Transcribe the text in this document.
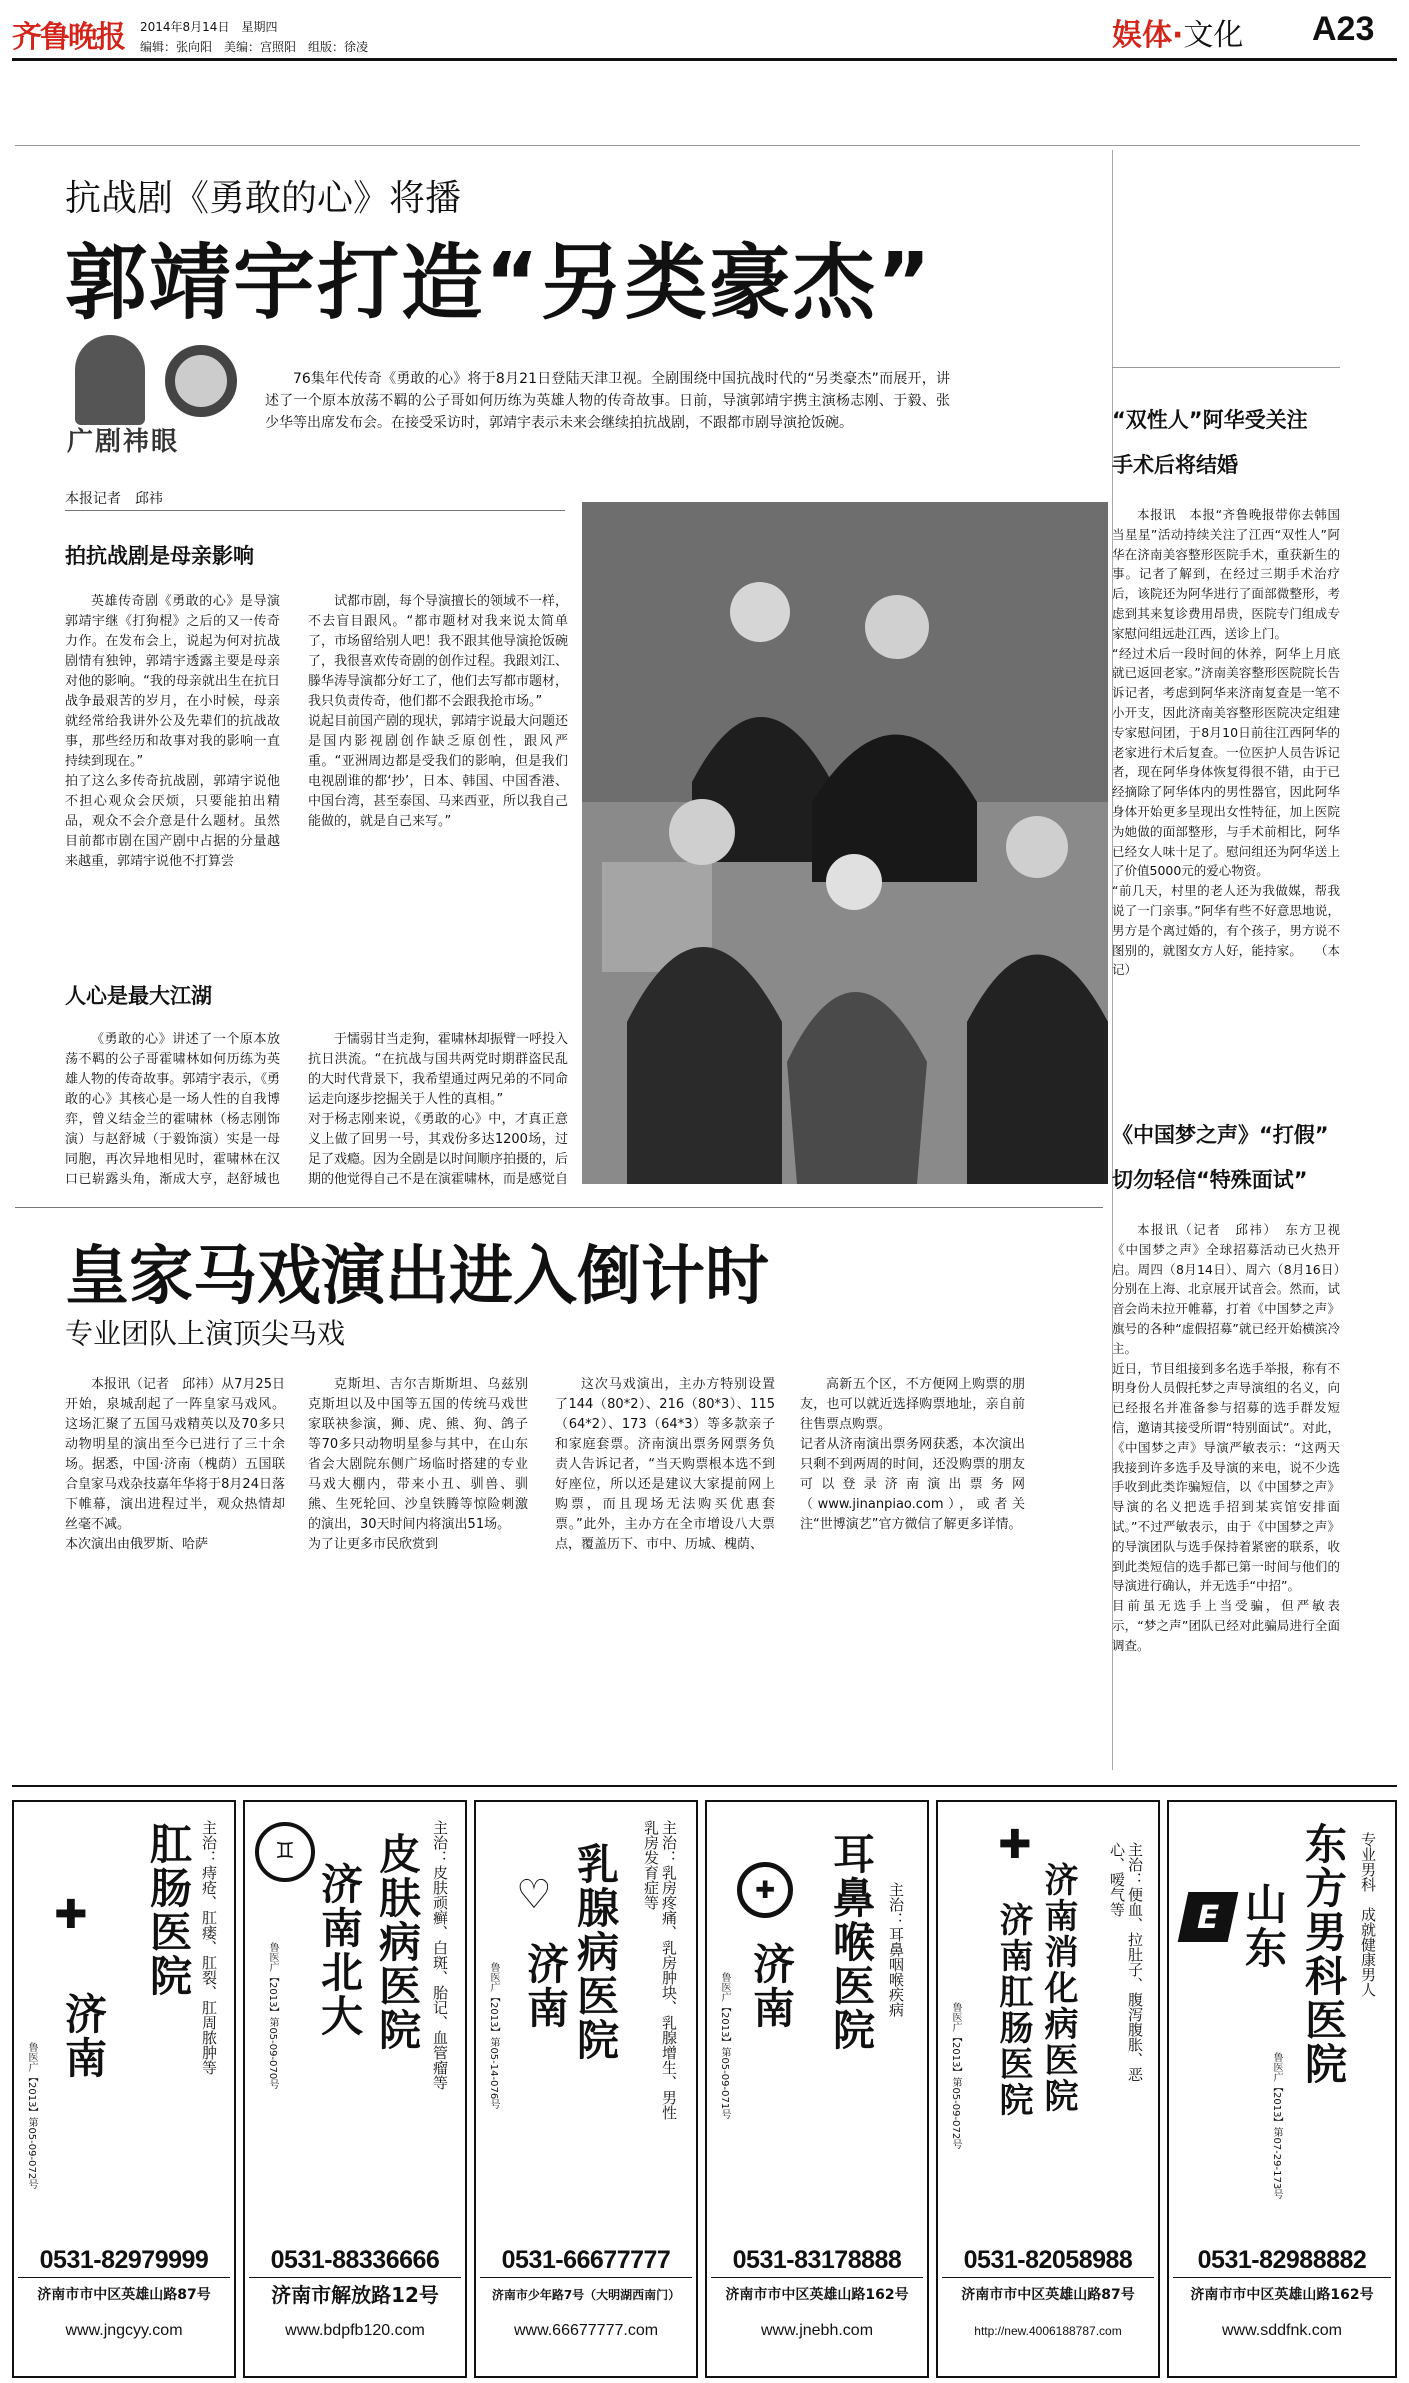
齐鲁晚报 2014年8月14日　星期四
编辑：张向阳　美编：宫照阳　组版：徐凌	娱体·文化 A23
抗战剧《勇敢的心》将播
郭靖宇打造“另类豪杰”
广剧祎眼
76集年代传奇《勇敢的心》将于8月21日登陆天津卫视。全剧围绕中国抗战时代的“另类豪杰”而展开，讲述了一个原本放荡不羁的公子哥如何历练为英雄人物的传奇故事。日前，导演郭靖宇携主演杨志刚、于毅、张少华等出席发布会。在接受采访时，郭靖宇表示未来会继续拍抗战剧，不跟都市剧导演抢饭碗。
本报记者　邱祎
拍抗战剧是母亲影响
英雄传奇剧《勇敢的心》是导演郭靖宇继《打狗棍》之后的又一传奇力作。在发布会上，说起为何对抗战剧情有独钟，郭靖宇透露主要是母亲对他的影响。“我的母亲就出生在抗日战争最艰苦的岁月，在小时候，母亲就经常给我讲外公及先辈们的抗战故事，那些经历和故事对我的影响一直持续到现在。”
拍了这么多传奇抗战剧，郭靖宇说他不担心观众会厌烦，只要能拍出精品，观众不会介意是什么题材。虽然目前都市剧在国产剧中占据的分量越来越重，郭靖宇说他不打算尝
试都市剧，每个导演擅长的领域不一样，不去盲目跟风。“都市题材对我来说太简单了，市场留给别人吧！我不跟其他导演抢饭碗了，我很喜欢传奇剧的创作过程。我跟刘江、滕华涛导演都分好工了，他们去写都市题材，我只负责传奇，他们都不会跟我抢市场。”
说起目前国产剧的现状，郭靖宇说最大问题还是国内影视剧创作缺乏原创性，跟风严重。“亚洲周边都是受我们的影响，但是我们电视剧谁的都‘抄’，日本、韩国、中国香港、中国台湾，甚至泰国、马来西亚，所以我自己能做的，就是自己来写。”
人心是最大江湖
《勇敢的心》讲述了一个原本放荡不羁的公子哥霍啸林如何历练为英雄人物的传奇故事。郭靖宇表示，《勇敢的心》其核心是一场人性的自我博弈，曾义结金兰的霍啸林（杨志刚饰演）与赵舒城（于毅饰演）实是一母同胞，再次异地相见时，霍啸林在汉口已崭露头角，渐成大亨，赵舒城也
于懦弱甘当走狗，霍啸林却振臂一呼投入抗日洪流。“在抗战与国共两党时期群盗民乱的大时代背景下，我希望通过两兄弟的不同命运走向逐步挖掘关于人性的真相。”
对于杨志刚来说，《勇敢的心》中，才真正意义上做了回男一号，其戏份多达1200场，过足了戏瘾。因为全剧是以时间顺序拍摄的，后期的他觉得自己不是在演霍啸林，而是感觉自
皇家马戏演出进入倒计时
专业团队上演顶尖马戏
本报讯（记者　邱祎）从7月25日开始，泉城刮起了一阵皇家马戏风。这场汇聚了五国马戏精英以及70多只动物明星的演出至今已进行了三十余场。据悉，中国·济南（槐荫）五国联合皇家马戏杂技嘉年华将于8月24日落下帷幕，演出进程过半，观众热情却丝毫不减。
本次演出由俄罗斯、哈萨
克斯坦、吉尔吉斯斯坦、乌兹别克斯坦以及中国等五国的传统马戏世家联袂参演，狮、虎、熊、狗、鸽子等70多只动物明星参与其中，在山东省会大剧院东侧广场临时搭建的专业马戏大棚内，带来小丑、驯兽、驯熊、生死轮回、沙皇铁腾等惊险刺激的演出，30天时间内将演出51场。
为了让更多市民欣赏到
这次马戏演出，主办方特别设置了144（80*2）、216（80*3）、115（64*2）、173（64*3）等多款亲子和家庭套票。济南演出票务网票务负责人告诉记者，“当天购票根本选不到好座位，所以还是建议大家提前网上购票，而且现场无法购买优惠套票。”此外，主办方在全市增设八大票点，覆盖历下、市中、历城、槐荫、
高新五个区，不方便网上购票的朋友，也可以就近选择购票地址，亲自前往售票点购票。
记者从济南演出票务网获悉，本次演出只剩不到两周的时间，还没购票的朋友可以登录济南演出票务网（www.jinanpiao.com），或者关注“世博演艺”官方微信了解更多详情。
“双性人”阿华受关注
手术后将结婚
本报讯　本报“齐鲁晚报带你去韩国当星星”活动持续关注了江西“双性人”阿华在济南美容整形医院手术，重获新生的事。记者了解到，在经过三期手术治疗后，该院还为阿华进行了面部微整形，考虑到其来复诊费用昂贵，医院专门组成专家慰问组远赴江西，送诊上门。
“经过术后一段时间的休养，阿华上月底就已返回老家。”济南美容整形医院院长告诉记者，考虑到阿华来济南复查是一笔不小开支，因此济南美容整形医院决定组建专家慰问团，于8月10日前往江西阿华的老家进行术后复查。一位医护人员告诉记者，现在阿华身体恢复得很不错，由于已经摘除了阿华体内的男性器官，因此阿华身体开始更多呈现出女性特征，加上医院为她做的面部整形，与手术前相比，阿华已经女人味十足了。慰问组还为阿华送上了价值5000元的爱心物资。
“前几天，村里的老人还为我做媒，帮我说了一门亲事。”阿华有些不好意思地说，男方是个离过婚的，有个孩子，男方说不图别的，就图女方人好，能持家。　　（本记）
《中国梦之声》“打假”
切勿轻信“特殊面试”
本报讯（记者　邱祎）　东方卫视《中国梦之声》全球招募活动已火热开启。周四（8月14日）、周六（8月16日）分别在上海、北京展开试音会。然而，试音会尚未拉开帷幕，打着《中国梦之声》旗号的各种“虚假招募”就已经开始横滨冷主。
近日，节目组接到多名选手举报，称有不明身份人员假托梦之声导演组的名义，向已经报名并准备参与招募的选手群发短信，邀请其接受所谓“特别面试”。对此，《中国梦之声》导演严敏表示：“这两天我接到许多选手及导演的来电，说不少选手收到此类诈骗短信，以《中国梦之声》导演的名义把选手招到某宾馆安排面试。”不过严敏表示，由于《中国梦之声》的导演团队与选手保持着紧密的联系，收到此类短信的选手都已第一时间与他们的导演进行确认，并无选手“中招”。
目前虽无选手上当受骗，但严敏表示，“梦之声”团队已经对此骗局进行全面调查。
主治：痔疮、肛瘘、肛裂、肛周脓肿等
肛肠医院
济南
✚
鲁医广【2013】第05-09-072号
0531-82979999
济南市市中区英雄山路87号
www.jngcyy.com
主治：皮肤顽癣、白斑、胎记、血管瘤等
皮肤病医院
济南北大
♊
鲁医广【2013】第05-09-070号
0531-88336666
济南市解放路12号
www.bdpfb120.com
主治：乳房疼痛、乳房肿块、乳腺增生、男性乳房发育症等
乳腺病医院
济南
♡
鲁医广【2013】第05-14-076号
0531-66677777
济南市少年路7号（大明湖西南门）
www.66677777.com
主治：耳鼻咽喉疾病
耳鼻喉医院
济南
✚
鲁医广【2013】第05-09-071号
0531-83178888
济南市市中区英雄山路162号
www.jnebh.com
主治：便血、拉肚子、腹泻腹胀、恶心、嗳气等
济南消化病医院
济南肛肠医院
✚
鲁医广【2013】第05-09-072号
0531-82058988
济南市市中区英雄山路87号
http://new.4006188787.com
专业男科　成就健康男人
东方男科医院
山东
E
鲁医广【2013】第07-29-173号
0531-82988882
济南市市中区英雄山路162号
www.sddfnk.com
